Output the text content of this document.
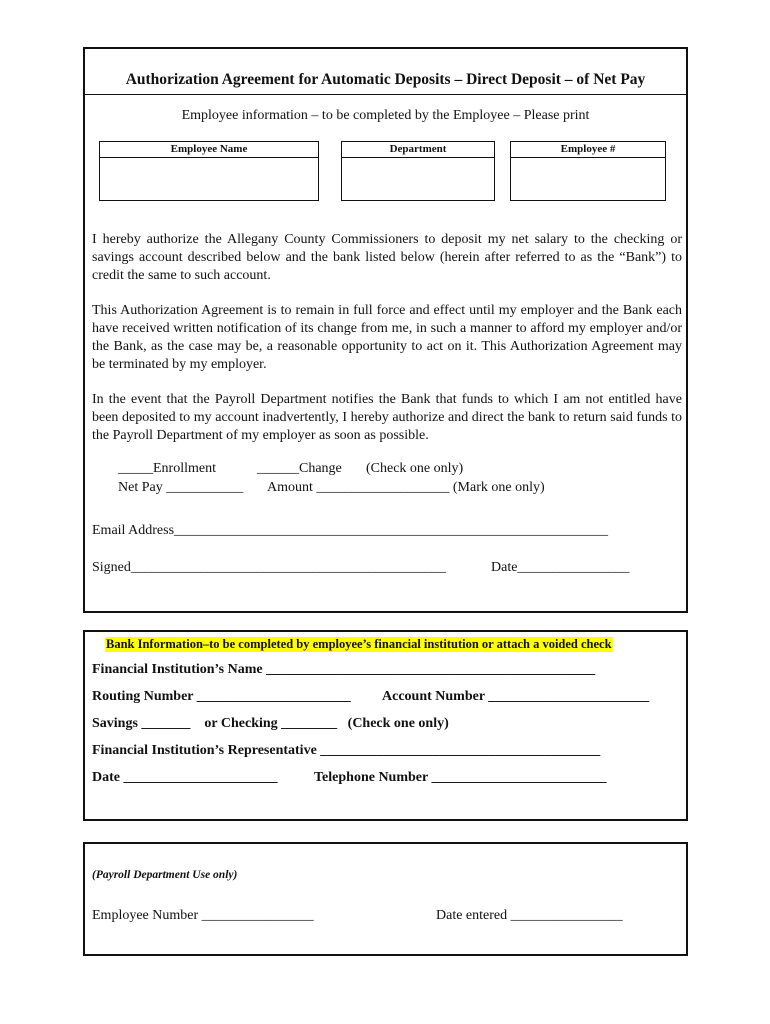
Authorization Agreement for Automatic Deposits – Direct Deposit – of Net Pay
Employee information – to be completed by the Employee – Please print
Employee Name	Department	Employee #

I hereby authorize the Allegany County Commissioners to deposit my net salary to the checking or savings account described below and the bank listed below (herein after referred to as the “Bank”) to credit the same to such account.

This Authorization Agreement is to remain in full force and effect until my employer and the Bank each have received written notification of its change from me, in such a manner to afford my employer and/or the Bank, as the case may be, a reasonable opportunity to act on it. This Authorization Agreement may be terminated by my employer.

In the event that the Payroll Department notifies the Bank that funds to which I am not entitled have been deposited to my account inadvertently, I hereby authorize and direct the bank to return said funds to the Payroll Department of my employer as soon as possible.

_____Enrollment	______Change (Check one only)
Net Pay ___________ Amount ___________________ (Mark one only)
Email Address______________________________________________________________
Signed_____________________________________________	Date________________
Bank Information–to be completed by employee’s financial institution or attach a voided check
Financial Institution’s Name _______________________________________________
Routing Number ______________________ Account Number _______________________
Savings _______    or Checking ________   (Check one only)
Financial Institution’s Representative ________________________________________
Date ______________________	Telephone Number _________________________
(Payroll Department Use only)
Employee Number ________________	Date entered ________________
